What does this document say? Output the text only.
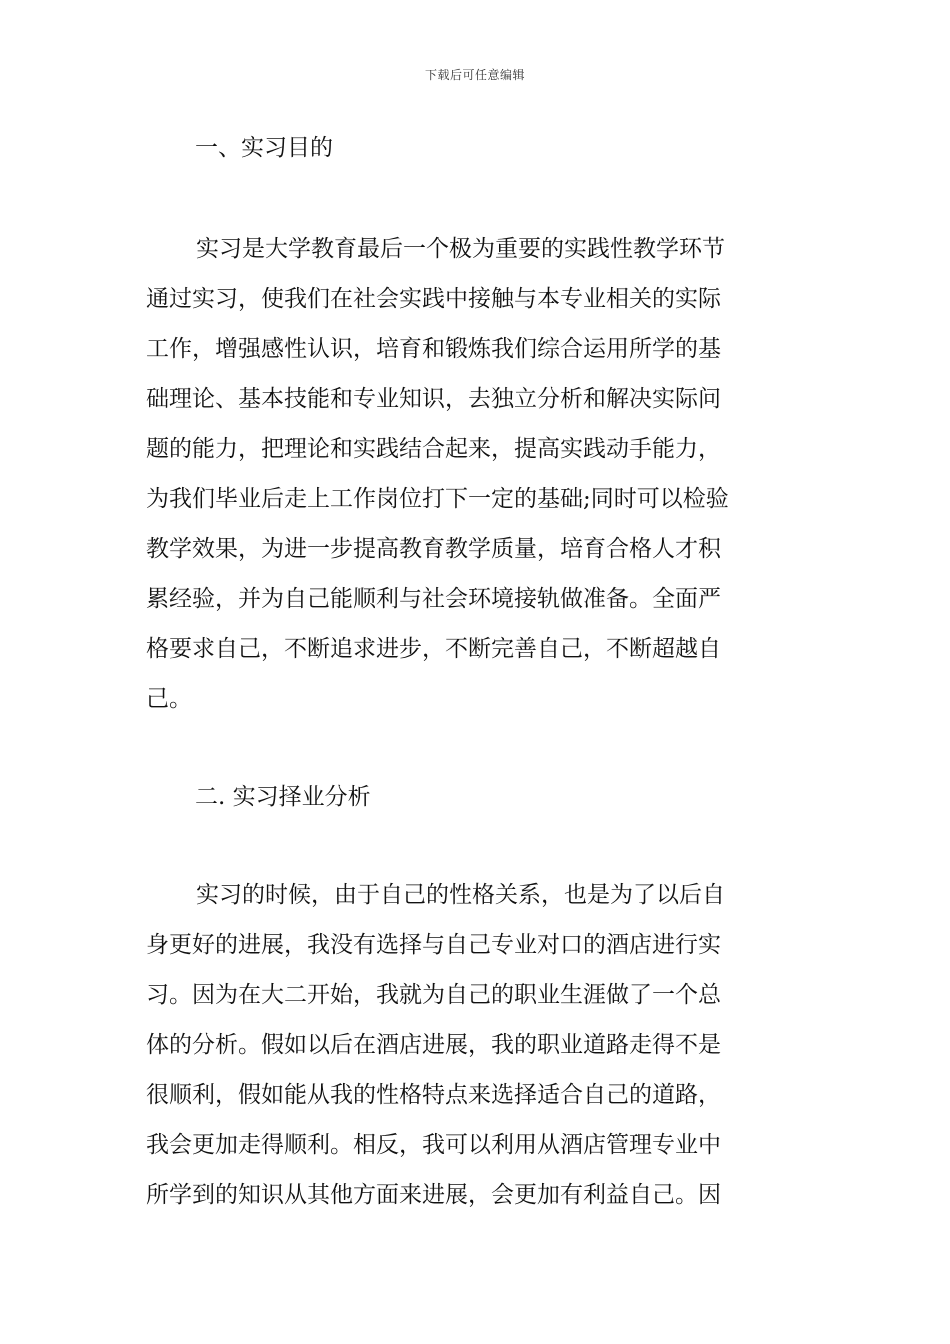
下载后可任意编辑
一、实习目的
实习是大学教育最后一个极为重要的实践性教学环节
通过实习，使我们在社会实践中接触与本专业相关的实际
工作，增强感性认识，培育和锻炼我们综合运用所学的基
础理论、基本技能和专业知识，去独立分析和解决实际问
题的能力，把理论和实践结合起来，提高实践动手能力，
为我们毕业后走上工作岗位打下一定的基础;同时可以检验
教学效果，为进一步提高教育教学质量，培育合格人才积
累经验，并为自己能顺利与社会环境接轨做准备。全面严
格要求自己，不断追求进步，不断完善自己，不断超越自
己。
二. 实习择业分析
实习的时候，由于自己的性格关系，也是为了以后自
身更好的进展，我没有选择与自己专业对口的酒店进行实
习。因为在大二开始，我就为自己的职业生涯做了一个总
体的分析。假如以后在酒店进展，我的职业道路走得不是
很顺利，假如能从我的性格特点来选择适合自己的道路，
我会更加走得顺利。相反，我可以利用从酒店管理专业中
所学到的知识从其他方面来进展，会更加有利益自己。因
